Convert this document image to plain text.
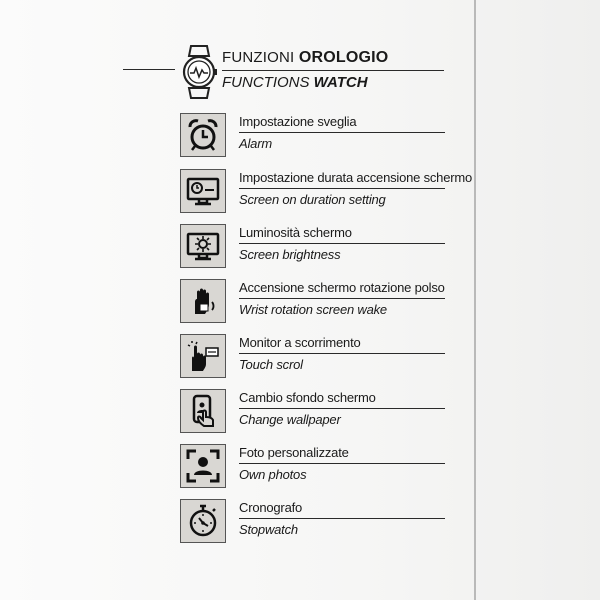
FUNZIONI OROLOGIO
FUNCTIONS WATCH
Impostazione sveglia
Alarm
Impostazione durata accensione schermo
Screen on duration setting
Luminosità schermo
Screen brightness
Accensione schermo rotazione polso
Wrist rotation screen wake
Monitor a scorrimento
Touch scrol
Cambio sfondo schermo
Change wallpaper
Foto personalizzate
Own photos
Cronografo
Stopwatch
